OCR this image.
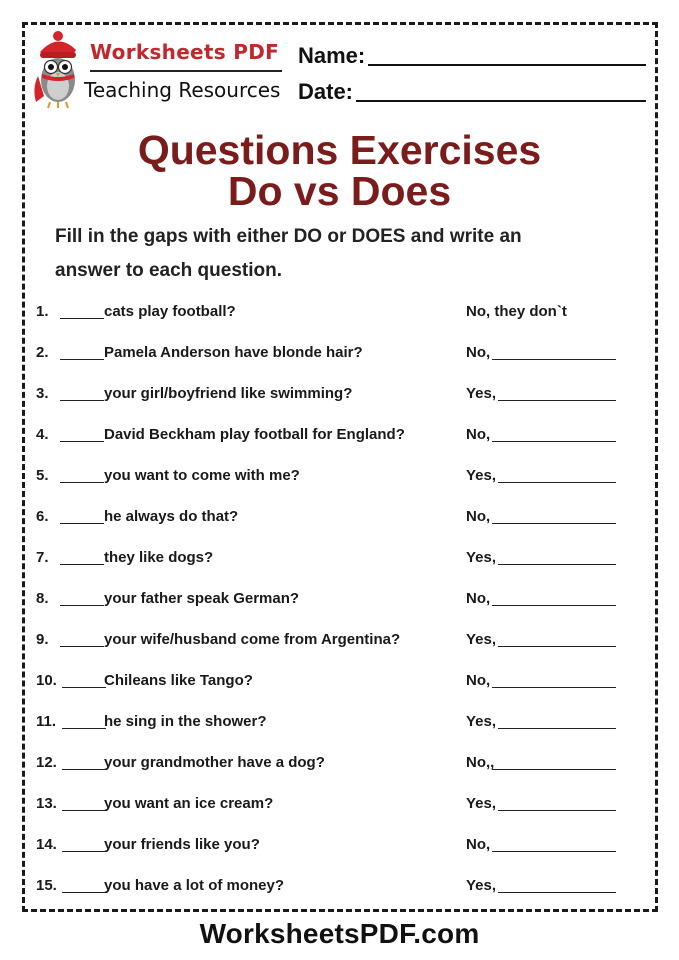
Worksheets PDF
Teaching Resources
Name:
Date:
Questions Exercises
Do vs Does
Fill in the gaps with either DO or DOES and write an
answer to each question.
1.	cats play football?	No, they don`t
2.	Pamela Anderson have blonde hair?	No,
3.	your girl/boyfriend like swimming?	Yes,
4.	David Beckham play football for England?	No,
5.	you want to come with me?	Yes,
6.	he always do that?	No,
7.	they like dogs?	Yes,
8.	your father speak German?	No,
9.	your wife/husband come from Argentina?	Yes,
10.	Chileans like Tango?	No,
11.	he sing in the shower?	Yes,
12.	your grandmother have a dog?	No,,
13.	you want an ice cream?	Yes,
14.	your friends like you?	No,
15.	you have a lot of money?	Yes,
WorksheetsPDF.com
